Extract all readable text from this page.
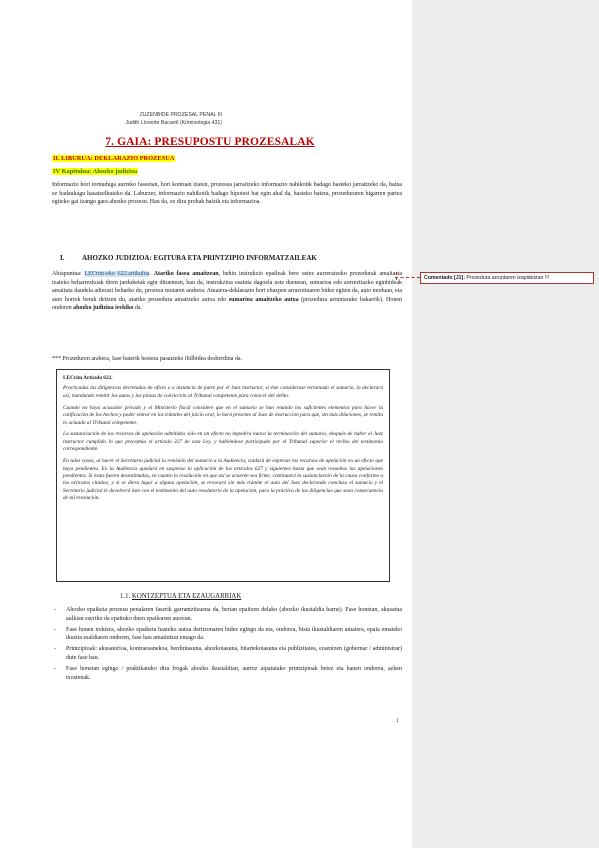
ZUZENBIDE PROZESAL PENAL III
Judith Llorente Bacarril (Kriminologia 431)
7. GAIA: PRESUPOSTU PROZESALAK
II. LIBURUA: DEKLARAZIO PROZESUA
IV Kapitulua: Ahozko judizioa
Informazio hori tornuduga aurreko faseetan, hori kontuan izaten, prozesua jarraitzeko informazio nahikotik badago hasteko jarraitzeko da, baina ez badaukagu hasatzelkuteko da. Laburzer, informazio nahikotik badago hipotesi bat egin ahal da, hasteko batera, prozeduraren bigarren partea egiteko gai izango gara ahozko prozesu. Hau da, ez dira probak baizik eta informazioa.
I.	AHOZKO JUDIZIOA: EGITURA ETA PRINTZIPIO INFORMATZAILEAK
Abiapuntua: LECrim-eko 622.artikulua. Atariko fasea amaitzean, behin instrukzio epaileak bere ustez aurreratzeko prozedurak amaitasta izateko beharrezkoak diren jarduketak egin dituenean, hau da, instrukzioa osatuta dagoela uste duenean, sumarioa edo aurreztiazko eginbideak amaituta daudela adierazi beharko du, prozesu motaren arabera. Amaiera-deklarazio hori ebazpen arrazoituaren bidez egiten da, auto moduan, eta auto horrek berak deitzen du, atariko prozedura amaitzeko autoa edo sumarioa amaitzeko autoa (prozedura arruntarako bakarrik). Honen ondoren ahozko judizioa irekiko da.
*** Prozeduren arabera, fase baterik bestera pasatzeko ibilbidea desberdina da.
LECrim Artículo 622.

Practicadas las diligencias decretadas de oficio o a instancia de parte por el Juez instructor, si éste considerase terminado el sumario, lo declarará así, mandando remitir los autos y las piezas de convicción al Tribunal competente para conocer del delito.

Cuando no haya acusador privado y el Ministerio fiscal considere que en el sumario se han reunido los suficientes elementos para hacer la calificación de los hechos y poder entrar en los trámites del juicio oral, lo hará presente al Juez de instrucción para que, sin más dilaciones, se remita lo actuado al Tribunal competente.

La sustanciación de los recursos de apelación admitidos sólo en un efecto no impedirá nunca la terminación del sumario, después de haber el Juez instructor cumplido lo que preceptúa el artículo 227 de esta Ley, y habiéndose participado por el Tribunal superior el recibo del testimonio correspondiente.

En tales casos, al hacer el Secretario judicial la remisión del sumario a la Audiencia, cuidará de expresar los recursos de apelación en un efecto que haya pendientes. En la Audiencia quedará en suspenso la aplicación de los artículos 627 y siguientes hasta que sean resueltos las apelaciones pendientes. Si éstas fueren desestimadas, en cuanto la resolución en que así se acuerde sea firme, continuará la sustanciación de la causa conforme a los artículos citados; y si se diera lugar a alguna apelación, se revocará sin más trámite el auto del Juez declarando concluso el sumario y el Secretario judicial le devolverá éste con el testimonio del auto resolutorio de la apelación, para la práctica de las diligencias que sean consecuencia de tal resolución.

1.1. KONTZEPTUA ETA EZAUGARRIAK
- Ahozko epaiketa prozesu penalaren faserik garrantzitsuena da, bertan epaitzen delako (ahozko ikustaldia barne). Fase honetan, akusatua aulkian eseriko da epaituko duen epailearen aurrean.
- Fase honen irekiera, ahozko epaiketa hasteko autoa deritzonaren bidez egingo da eta, ondorea, bista ikustaldiaren amaiera, epaia emateko ikusita esaldiaren ondoren, fase hau amaitutzat emago da.
- Printzipioak: akusatorioa, kontraesanekoa, berdintasuna, ahozkotasuna, bitartekotasuna eta publizitatea, eraentzen (gobernar / administrar) dute fase hau.
- Fase honetan egingo / praktikatuko dira frogak ahozko ikustaldian, aurrez aipatutako printzipioak betez eta hauen ondorea, azken txostenak.
1
Comentado [J1]: Prozedura arruntaren izapidetzan !!!
